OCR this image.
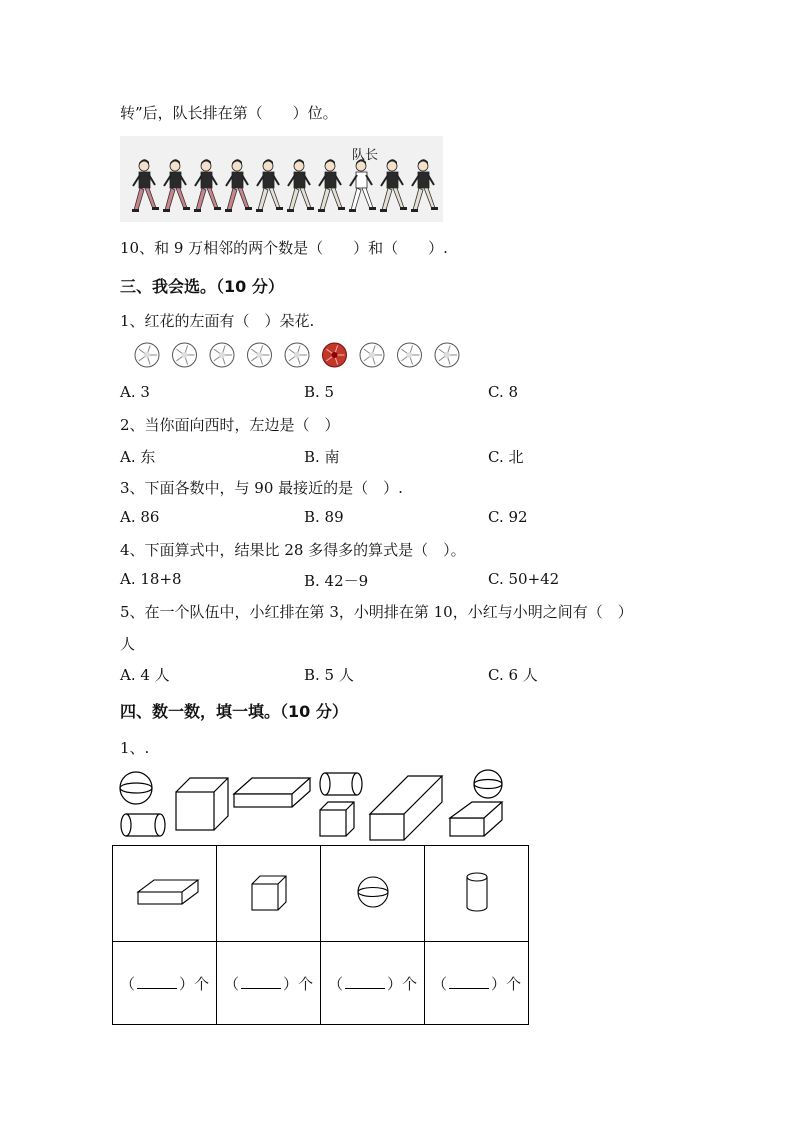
转”后，队长排在第（　　）位。
队长
10、和 9 万相邻的两个数是（　　）和（　　）.
三、我会选。（10 分）
1、红花的左面有（　）朵花.
A. 3	B. 5	C. 8
2、当你面向西时，左边是（　）
A. 东	B. 南	C. 北
3、下面各数中，与 90 最接近的是（　）.
A. 86	B. 89	C. 92
4、下面算式中，结果比 28 多得多的算式是（　）。
A. 18+8	B. 42－9	C. 50+42
5、在一个队伍中，小红排在第 3，小明排在第 10，小红与小明之间有（　）
人
A. 4 人	B. 5 人	C. 6 人
四、数一数，填一填。（10 分）
1、.

（ ）个	（ ）个	（ ）个	（ ）个
